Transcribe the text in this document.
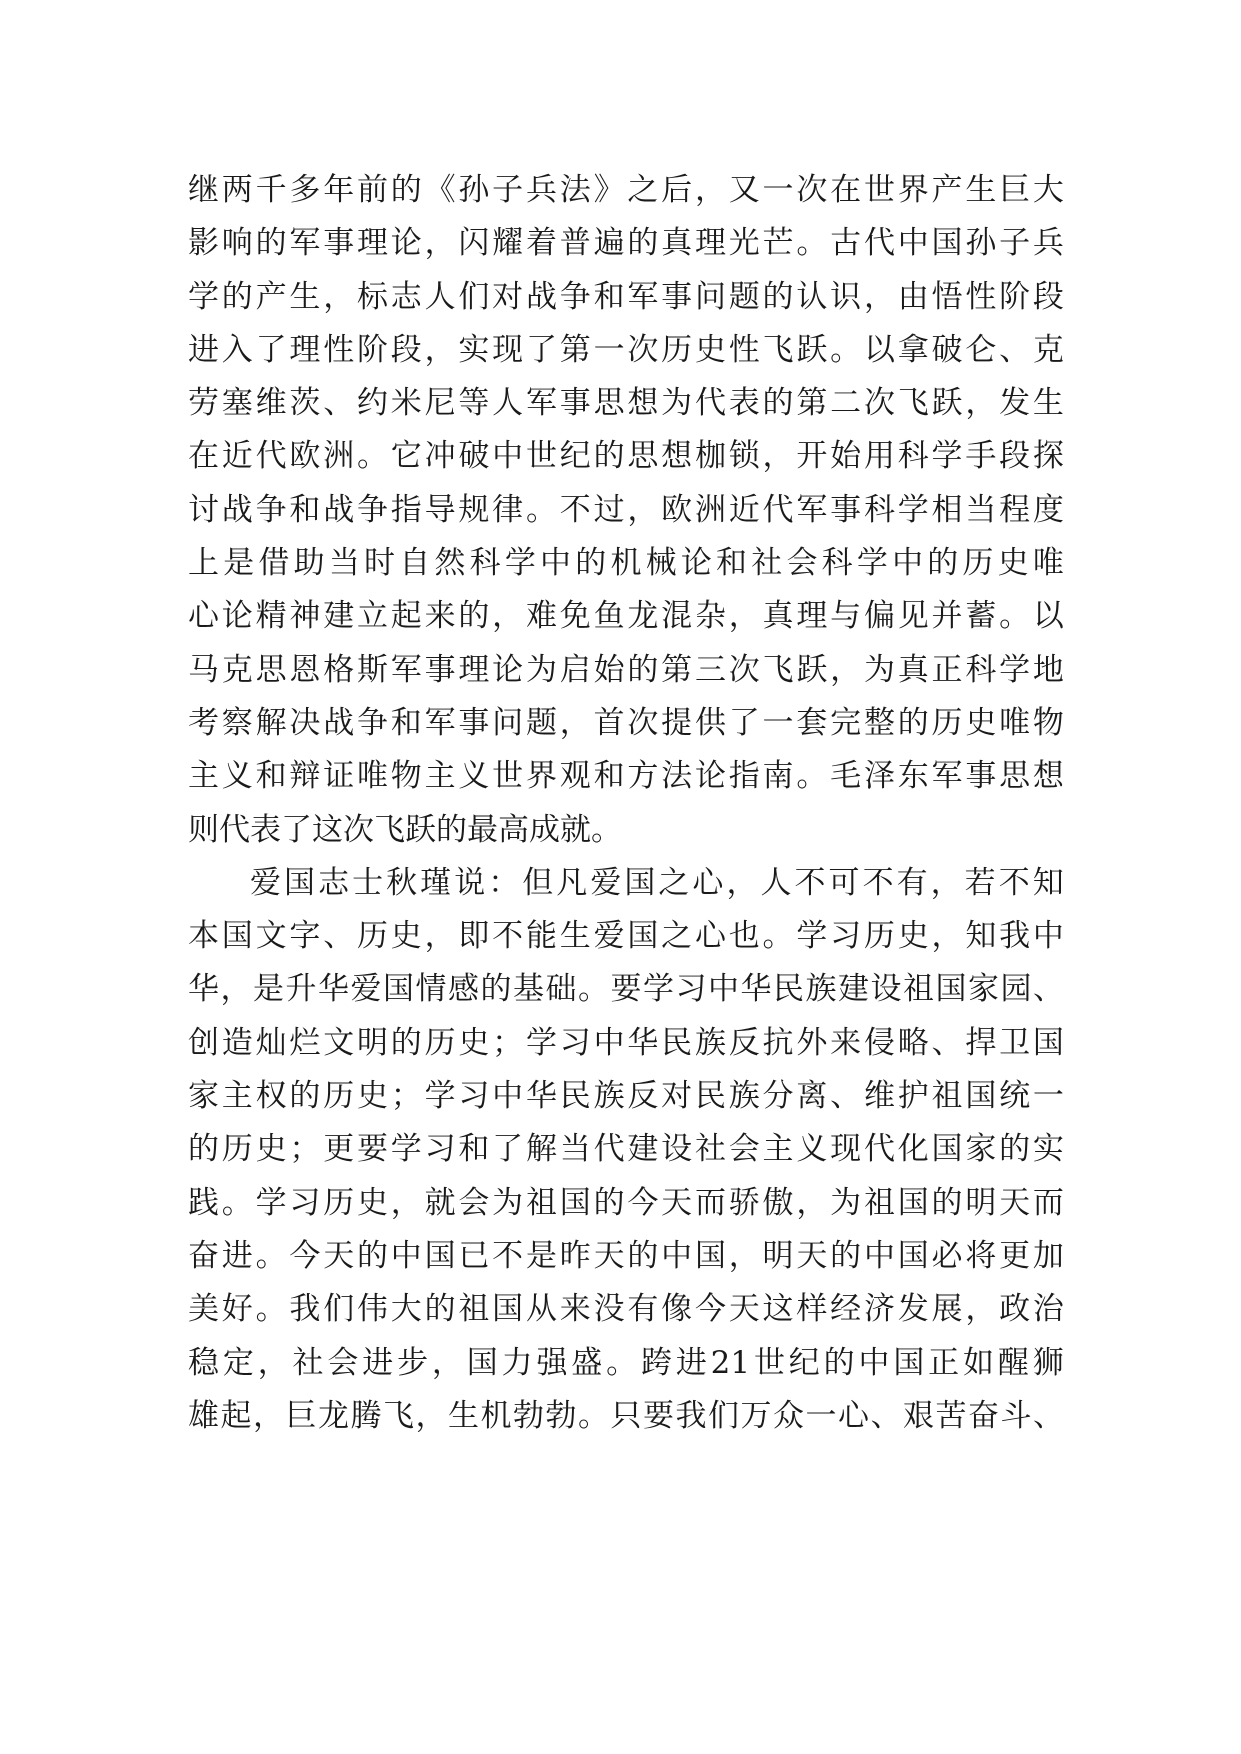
继 两 千 多 年 前 的 《 孙 子 兵 法 》 之 后 ， 又 一 次 在 世 界 产 生 巨 大
影 响 的 军 事 理 论 ， 闪 耀 着 普 遍 的 真 理 光 芒 。 古 代 中 国 孙 子 兵
学 的 产 生 ， 标 志 人 们 对 战 争 和 军 事 问 题 的 认 识 ， 由 悟 性 阶 段
进 入 了 理 性 阶 段 ， 实 现 了 第 一 次 历 史 性 飞 跃 。 以 拿 破 仑 、 克
劳 塞 维 茨 、 约 米 尼 等 人 军 事 思 想 为 代 表 的 第 二 次 飞 跃 ， 发 生
在 近 代 欧 洲 。 它 冲 破 中 世 纪 的 思 想 枷 锁 ， 开 始 用 科 学 手 段 探
讨 战 争 和 战 争 指 导 规 律 。 不 过 ， 欧 洲 近 代 军 事 科 学 相 当 程 度
上 是 借 助 当 时 自 然 科 学 中 的 机 械 论 和 社 会 科 学 中 的 历 史 唯
心 论 精 神 建 立 起 来 的 ， 难 免 鱼 龙 混 杂 ， 真 理 与 偏 见 并 蓄 。 以
马 克 思 恩 格 斯 军 事 理 论 为 启 始 的 第 三 次 飞 跃 ， 为 真 正 科 学 地
考 察 解 决 战 争 和 军 事 问 题 ， 首 次 提 供 了 一 套 完 整 的 历 史 唯 物
主 义 和 辩 证 唯 物 主 义 世 界 观 和 方 法 论 指 南 。 毛 泽 东 军 事 思 想
则代表了这次飞跃的最高成就。
爱 国 志 士 秋 瑾 说 ： 但 凡 爱 国 之 心 ， 人 不 可 不 有 ， 若 不 知
本 国 文 字 、 历 史 ， 即 不 能 生 爱 国 之 心 也 。 学 习 历 史 ， 知 我 中
华 ， 是 升 华 爱 国 情 感 的 基 础 。 要 学 习 中 华 民 族 建 设 祖 国 家 园 、
创 造 灿 烂 文 明 的 历 史 ； 学 习 中 华 民 族 反 抗 外 来 侵 略 、 捍 卫 国
家 主 权 的 历 史 ； 学 习 中 华 民 族 反 对 民 族 分 离 、 维 护 祖 国 统 一
的 历 史 ； 更 要 学 习 和 了 解 当 代 建 设 社 会 主 义 现 代 化 国 家 的 实
践 。 学 习 历 史 ， 就 会 为 祖 国 的 今 天 而 骄 傲 ， 为 祖 国 的 明 天 而
奋 进 。 今 天 的 中 国 已 不 是 昨 天 的 中 国 ， 明 天 的 中 国 必 将 更 加
美 好 。 我 们 伟 大 的 祖 国 从 来 没 有 像 今 天 这 样 经 济 发 展 ， 政 治
稳 定 ， 社 会 进 步 ， 国 力 强 盛 。 跨 进 21 世 纪 的 中 国 正 如 醒 狮
雄 起 ， 巨 龙 腾 飞 ， 生 机 勃 勃 。 只 要 我 们 万 众 一 心 、 艰 苦 奋 斗 、
